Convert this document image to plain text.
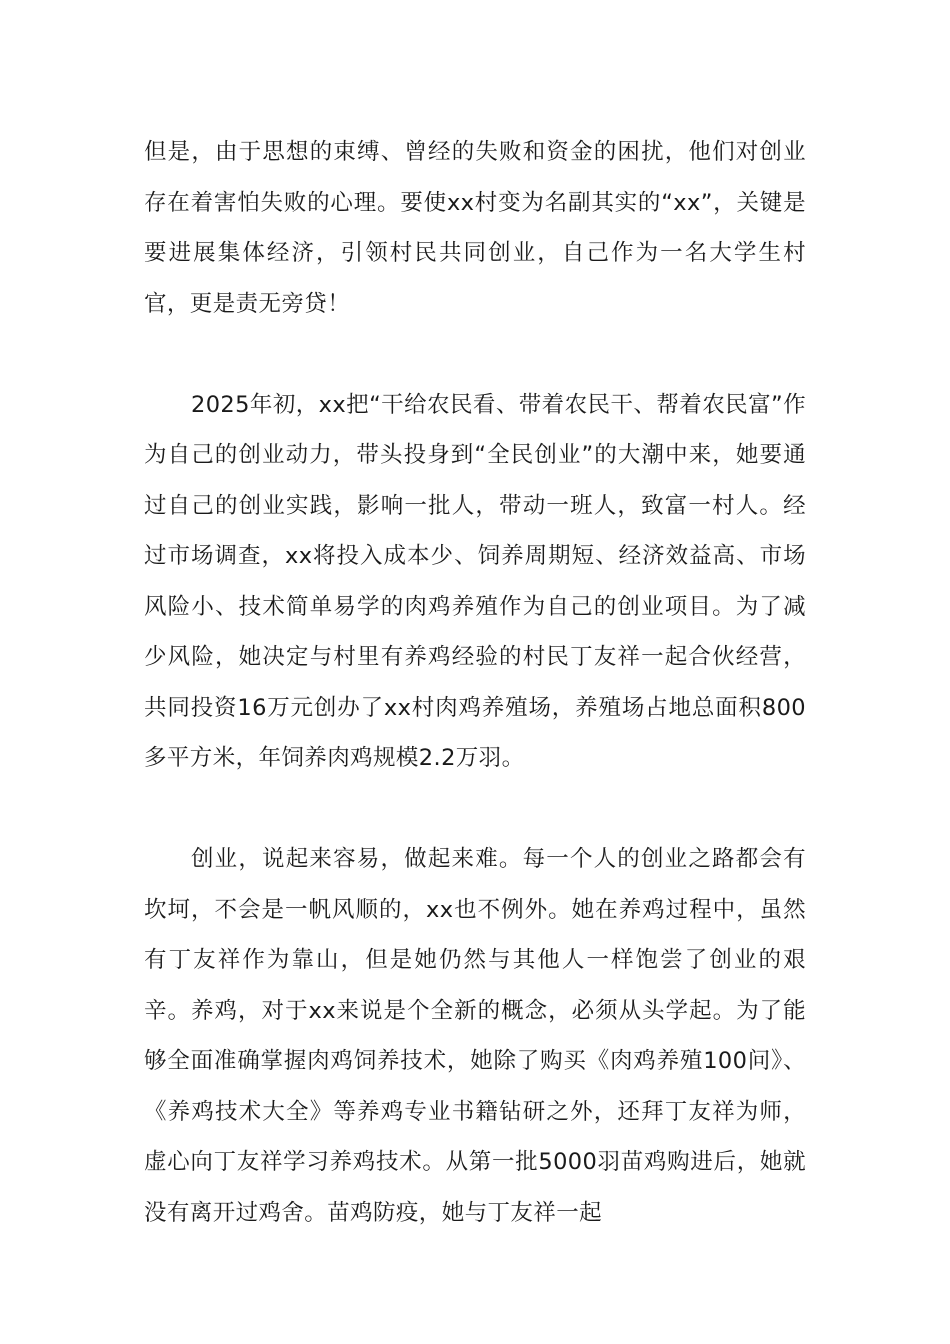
但是，由于思想的束缚、曾经的失败和资金的困扰，他们对创业存在着害怕失败的心理。要使xx村变为名副其实的“xx”，关键是要进展集体经济，引领村民共同创业，自己作为一名大学生村官，更是责无旁贷！

2025年初，xx把“干给农民看、带着农民干、帮着农民富”作为自己的创业动力，带头投身到“全民创业”的大潮中来，她要通过自己的创业实践，影响一批人，带动一班人，致富一村人。经过市场调查，xx将投入成本少、饲养周期短、经济效益高、市场风险小、技术简单易学的肉鸡养殖作为自己的创业项目。为了减少风险，她决定与村里有养鸡经验的村民丁友祥一起合伙经营，共同投资16万元创办了xx村肉鸡养殖场，养殖场占地总面积800多平方米，年饲养肉鸡规模2.2万羽。

创业，说起来容易，做起来难。每一个人的创业之路都会有坎坷，不会是一帆风顺的，xx也不例外。她在养鸡过程中，虽然有丁友祥作为靠山，但是她仍然与其他人一样饱尝了创业的艰辛。养鸡，对于xx来说是个全新的概念，必须从头学起。为了能够全面准确掌握肉鸡饲养技术，她除了购买《肉鸡养殖100问》、《养鸡技术大全》等养鸡专业书籍钻研之外，还拜丁友祥为师，虚心向丁友祥学习养鸡技术。从第一批5000羽苗鸡购进后，她就没有离开过鸡舍。苗鸡防疫，她与丁友祥一起
